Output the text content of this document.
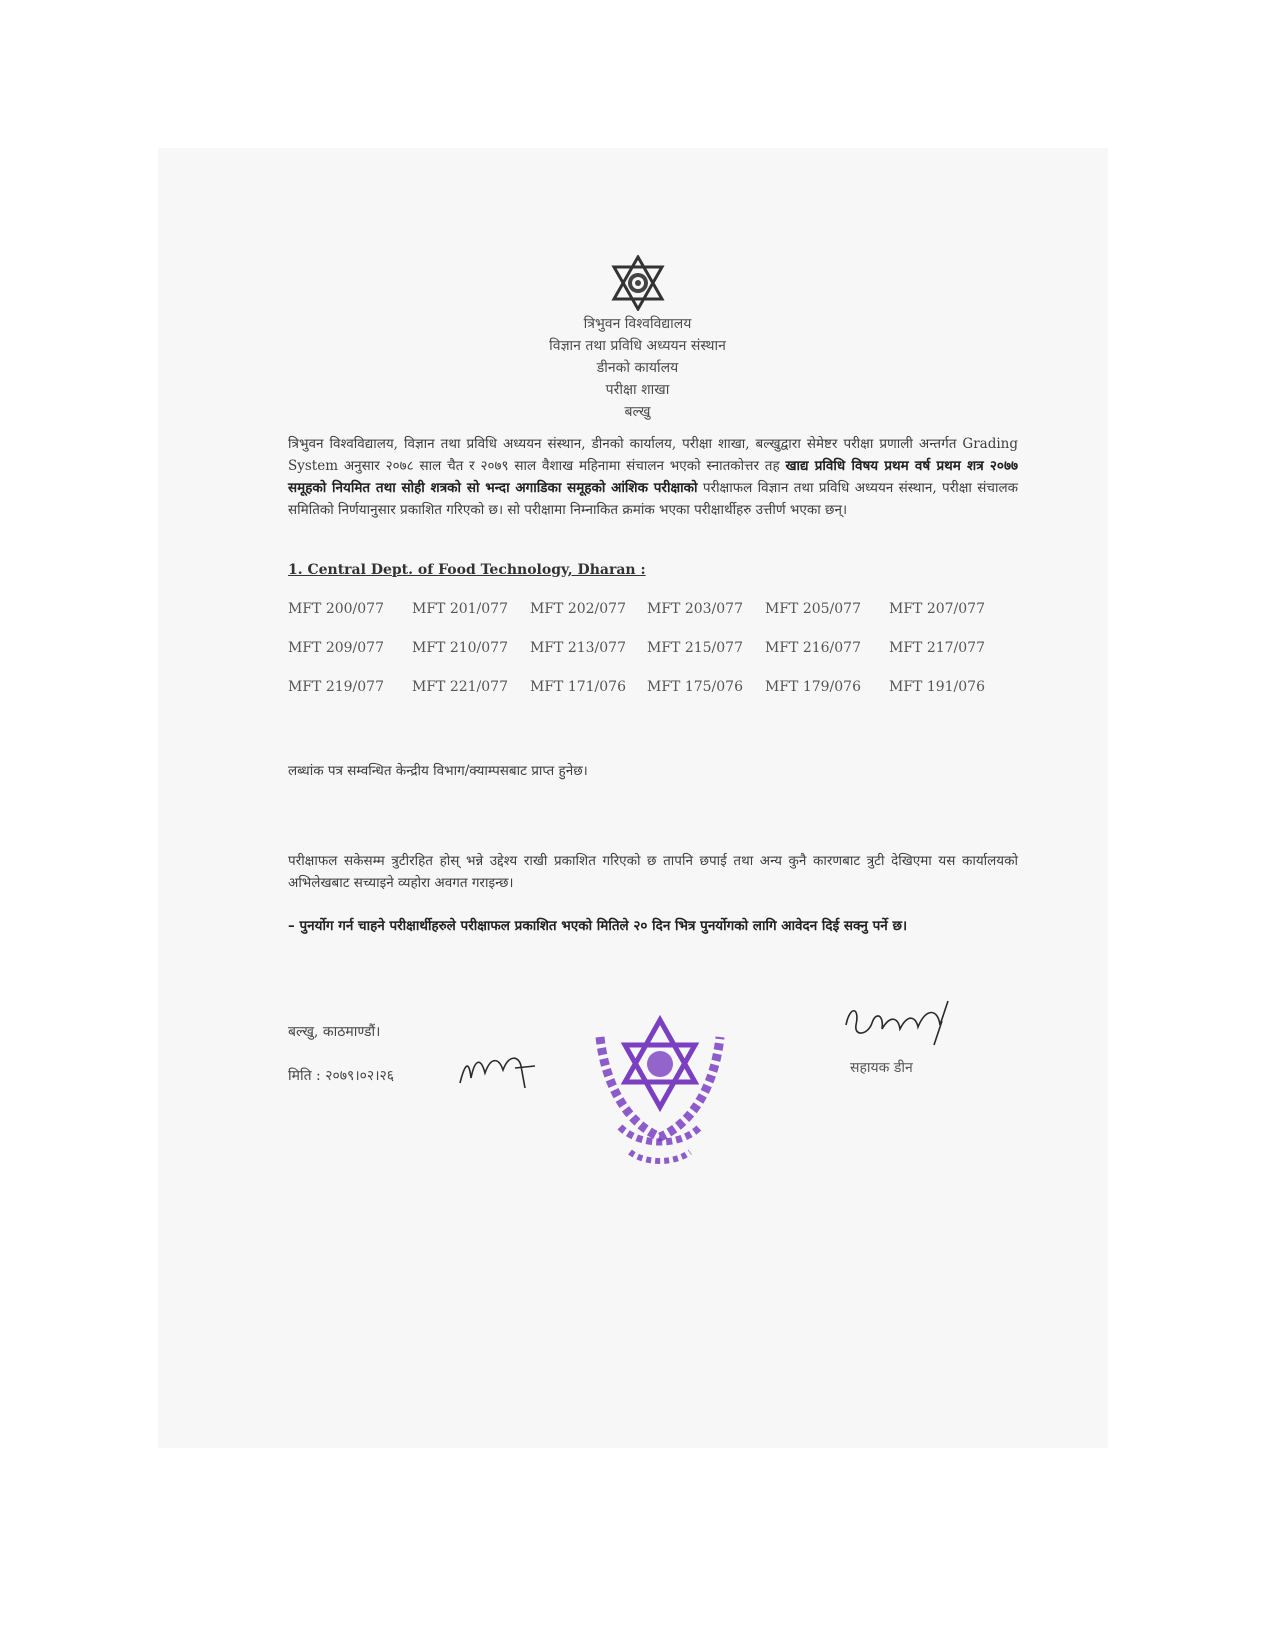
त्रिभुवन विश्वविद्यालय
विज्ञान तथा प्रविधि अध्ययन संस्थान
डीनको कार्यालय
परीक्षा शाखा
बल्खु
त्रिभुवन विश्वविद्यालय, विज्ञान तथा प्रविधि अध्ययन संस्थान, डीनको कार्यालय, परीक्षा शाखा, बल्खुद्वारा सेमेष्टर परीक्षा प्रणाली अन्तर्गत Grading System अनुसार २०७८ साल चैत र २०७९ साल वैशाख महिनामा संचालन भएको स्नातकोत्तर तह खाद्य प्रविधि विषय प्रथम वर्ष प्रथम शत्र २०७७ समूहको नियमित तथा सोही शत्रको सो भन्दा अगाडिका समूहको आंशिक परीक्षाको परीक्षाफल विज्ञान तथा प्रविधि अध्ययन संस्थान, परीक्षा संचालक समितिको निर्णयानुसार प्रकाशित गरिएको छ। सो परीक्षामा निम्नाकित क्रमांक भएका परीक्षार्थीहरु उत्तीर्ण भएका छन्।
1. Central Dept. of Food Technology, Dharan :
MFT 200/077	MFT 201/077	MFT 202/077	MFT 203/077	MFT 205/077	MFT 207/077
MFT 209/077	MFT 210/077	MFT 213/077	MFT 215/077	MFT 216/077	MFT 217/077
MFT 219/077	MFT 221/077	MFT 171/076	MFT 175/076	MFT 179/076	MFT 191/076
लब्धांक पत्र सम्वन्धित केन्द्रीय विभाग/क्याम्पसबाट प्राप्त हुनेछ।
परीक्षाफल सकेसम्म त्रुटीरहित होस् भन्ने उद्देश्य राखी प्रकाशित गरिएको छ तापनि छपाई तथा अन्य कुनै कारणबाट त्रुटी देखिएमा यस कार्यालयको अभिलेखबाट सच्याइने व्यहोरा अवगत गराइन्छ।
– पुनर्योग गर्न चाहने परीक्षार्थीहरुले परीक्षाफल प्रकाशित भएको मितिले २० दिन भित्र पुनर्योगको लागि आवेदन दिई सक्नु पर्ने छ।
बल्खु, काठमाण्डौं।
मिति : २०७९।०२।२६	सहायक डीन
